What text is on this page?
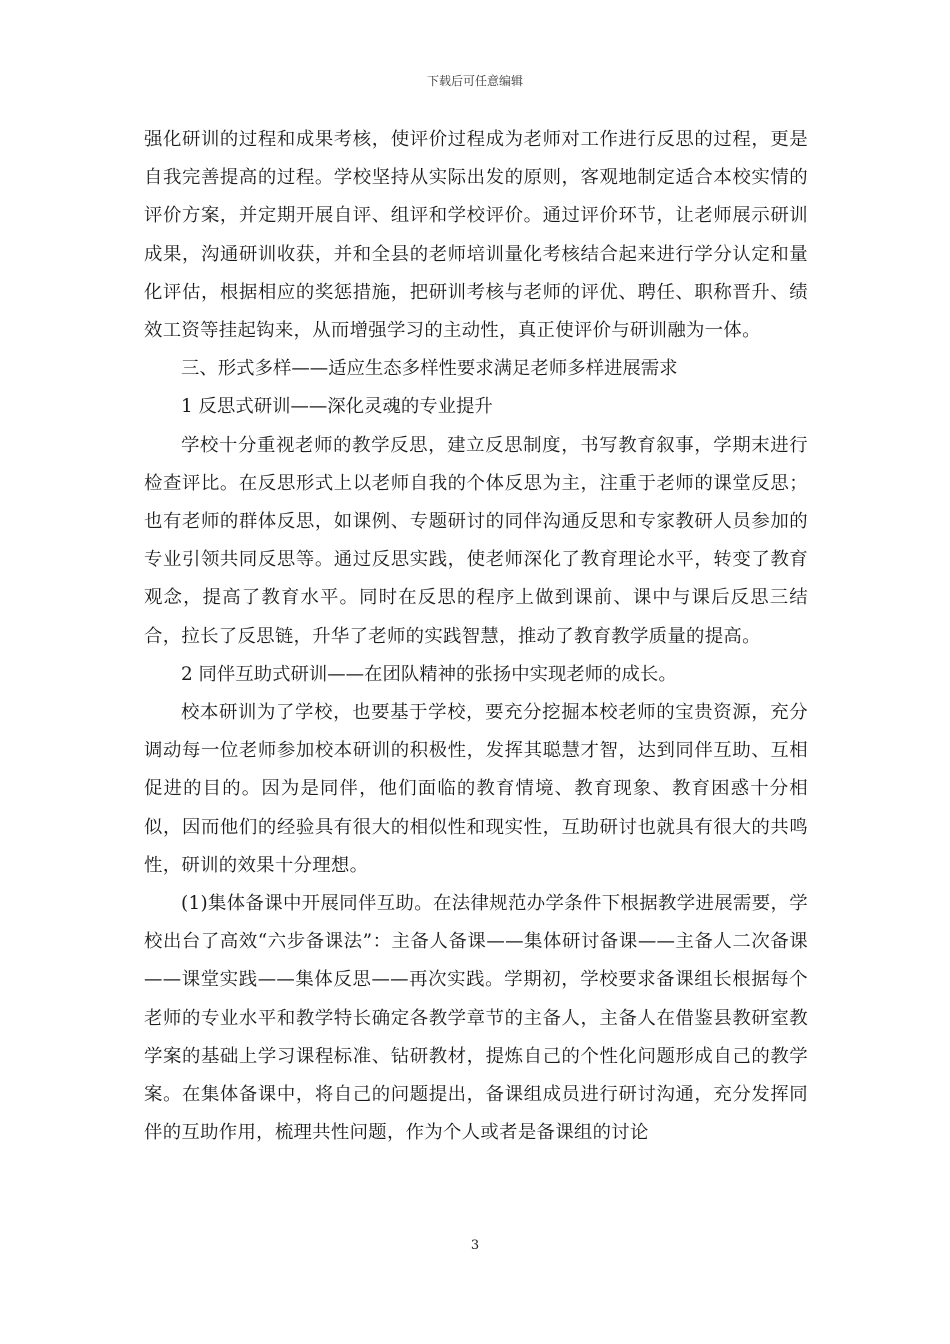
下载后可任意编辑

强化研训的过程和成果考核，使评价过程成为老师对工作进行反思的过程，更是自我完善提高的过程。学校坚持从实际出发的原则，客观地制定适合本校实情的评价方案，并定期开展自评、组评和学校评价。通过评价环节，让老师展示研训成果，沟通研训收获，并和全县的老师培训量化考核结合起来进行学分认定和量化评估，根据相应的奖惩措施，把研训考核与老师的评优、聘任、职称晋升、绩效工资等挂起钩来，从而增强学习的主动性，真正使评价与研训融为一体。

三、形式多样——适应生态多样性要求满足老师多样进展需求

1 反思式研训——深化灵魂的专业提升

学校十分重视老师的教学反思，建立反思制度，书写教育叙事，学期末进行检查评比。在反思形式上以老师自我的个体反思为主，注重于老师的课堂反思；也有老师的群体反思，如课例、专题研讨的同伴沟通反思和专家教研人员参加的专业引领共同反思等。通过反思实践，使老师深化了教育理论水平，转变了教育观念，提高了教育水平。同时在反思的程序上做到课前、课中与课后反思三结合，拉长了反思链，升华了老师的实践智慧，推动了教育教学质量的提高。

2 同伴互助式研训——在团队精神的张扬中实现老师的成长。

校本研训为了学校，也要基于学校，要充分挖掘本校老师的宝贵资源，充分调动每一位老师参加校本研训的积极性，发挥其聪慧才智，达到同伴互助、互相促进的目的。因为是同伴，他们面临的教育情境、教育现象、教育困惑十分相似，因而他们的经验具有很大的相似性和现实性，互助研讨也就具有很大的共鸣性，研训的效果十分理想。

(1)集体备课中开展同伴互助。在法律规范办学条件下根据教学进展需要，学校出台了高效“六步备课法”：主备人备课——集体研讨备课——主备人二次备课——课堂实践——集体反思——再次实践。学期初，学校要求备课组长根据每个老师的专业水平和教学特长确定各教学章节的主备人，主备人在借鉴县教研室教学案的基础上学习课程标准、钻研教材，提炼自己的个性化问题形成自己的教学案。在集体备课中，将自己的问题提出，备课组成员进行研讨沟通，充分发挥同伴的互助作用，梳理共性问题，作为个人或者是备课组的讨论

3
